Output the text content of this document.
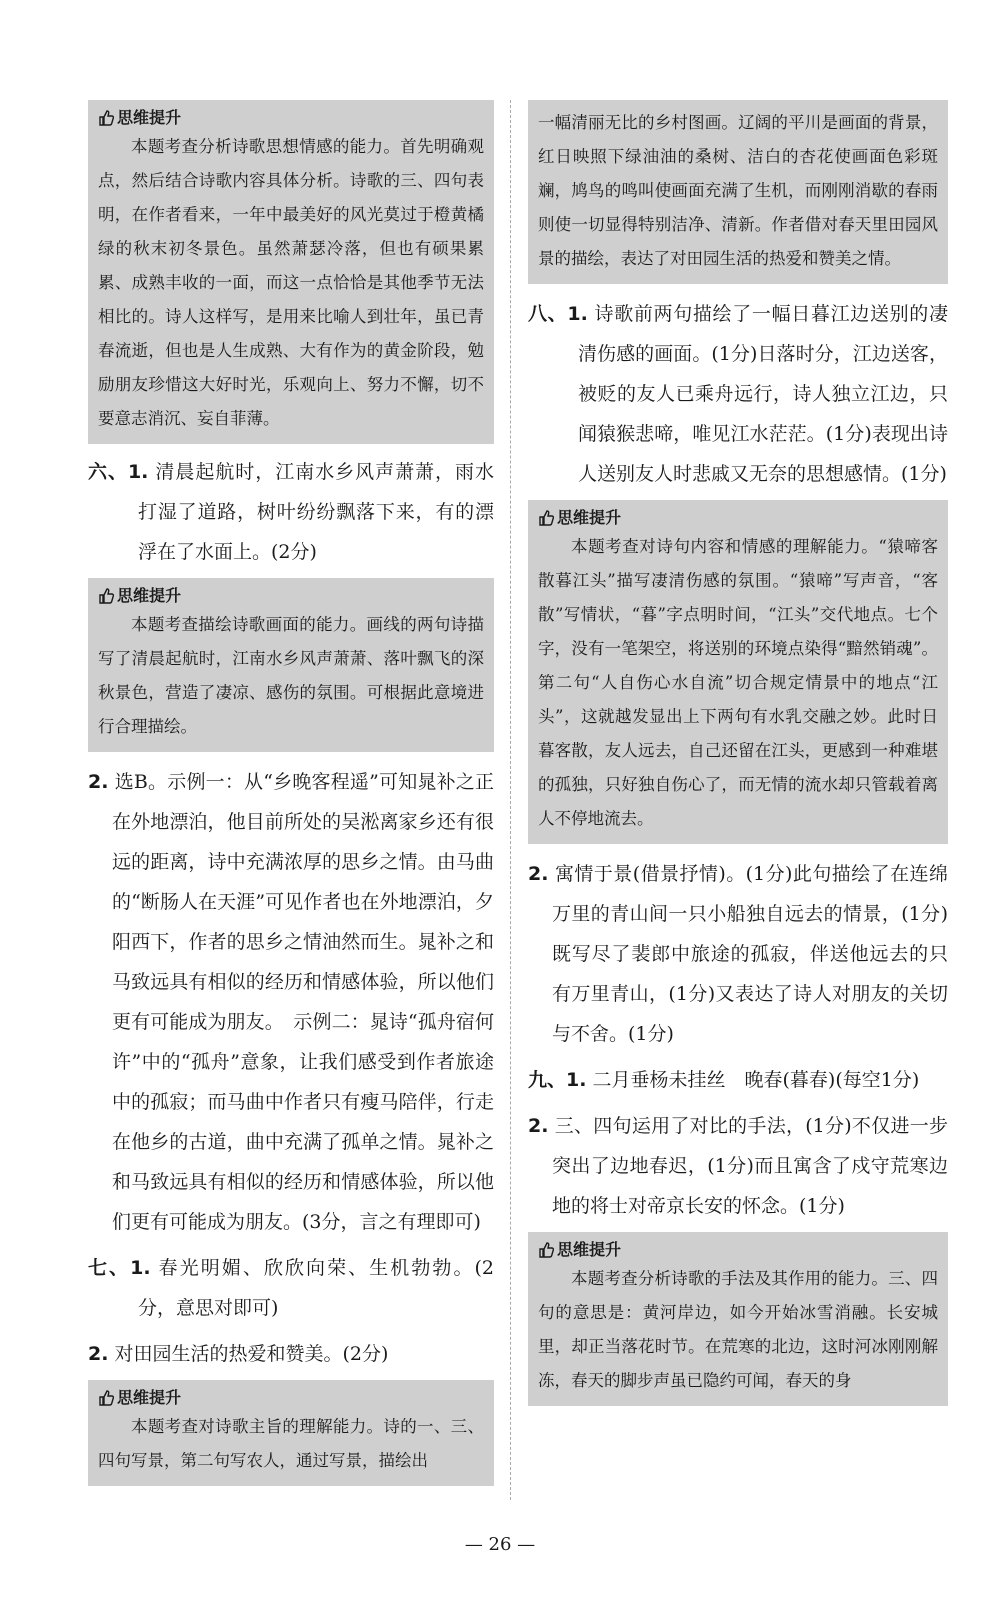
思维提升
本题考查分析诗歌思想情感的能力。首先明确观点，然后结合诗歌内容具体分析。诗歌的三、四句表明，在作者看来，一年中最美好的风光莫过于橙黄橘绿的秋末初冬景色。虽然萧瑟冷落，但也有硕果累累、成熟丰收的一面，而这一点恰恰是其他季节无法相比的。诗人这样写，是用来比喻人到壮年，虽已青春流逝，但也是人生成熟、大有作为的黄金阶段，勉励朋友珍惜这大好时光，乐观向上、努力不懈，切不要意志消沉、妄自菲薄。
六、1. 清晨起航时，江南水乡风声萧萧，雨水打湿了道路，树叶纷纷飘落下来，有的漂浮在了水面上。(2分)
思维提升
本题考查描绘诗歌画面的能力。画线的两句诗描写了清晨起航时，江南水乡风声萧萧、落叶飘飞的深秋景色，营造了凄凉、感伤的氛围。可根据此意境进行合理描绘。
2. 选B。示例一：从“乡晚客程遥”可知晁补之正在外地漂泊，他目前所处的吴淞离家乡还有很远的距离，诗中充满浓厚的思乡之情。由马曲的“断肠人在天涯”可见作者也在外地漂泊，夕阳西下，作者的思乡之情油然而生。晁补之和马致远具有相似的经历和情感体验，所以他们更有可能成为朋友。　示例二：晁诗“孤舟宿何许”中的“孤舟”意象，让我们感受到作者旅途中的孤寂；而马曲中作者只有瘦马陪伴，行走在他乡的古道，曲中充满了孤单之情。晁补之和马致远具有相似的经历和情感体验，所以他们更有可能成为朋友。(3分，言之有理即可)
七、1. 春光明媚、欣欣向荣、生机勃勃。(2分，意思对即可)
2. 对田园生活的热爱和赞美。(2分)
思维提升
本题考查对诗歌主旨的理解能力。诗的一、三、四句写景，第二句写农人，通过写景，描绘出
一幅清丽无比的乡村图画。辽阔的平川是画面的背景，红日映照下绿油油的桑树、洁白的杏花使画面色彩斑斓，鸠鸟的鸣叫使画面充满了生机，而刚刚消歇的春雨则使一切显得特别洁净、清新。作者借对春天里田园风景的描绘，表达了对田园生活的热爱和赞美之情。
八、1. 诗歌前两句描绘了一幅日暮江边送别的凄清伤感的画面。(1分)日落时分，江边送客，被贬的友人已乘舟远行，诗人独立江边，只闻猿猴悲啼，唯见江水茫茫。(1分)表现出诗人送别友人时悲戚又无奈的思想感情。(1分)
思维提升
本题考查对诗句内容和情感的理解能力。“猿啼客散暮江头”描写凄清伤感的氛围。“猿啼”写声音，“客散”写情状，“暮”字点明时间，“江头”交代地点。七个字，没有一笔架空，将送别的环境点染得“黯然销魂”。第二句“人自伤心水自流”切合规定情景中的地点“江头”，这就越发显出上下两句有水乳交融之妙。此时日暮客散，友人远去，自己还留在江头，更感到一种难堪的孤独，只好独自伤心了，而无情的流水却只管载着离人不停地流去。
2. 寓情于景(借景抒情)。(1分)此句描绘了在连绵万里的青山间一只小船独自远去的情景，(1分)既写尽了裴郎中旅途的孤寂，伴送他远去的只有万里青山，(1分)又表达了诗人对朋友的关切与不舍。(1分)
九、1. 二月垂杨未挂丝　晚春(暮春)(每空1分)
2. 三、四句运用了对比的手法，(1分)不仅进一步突出了边地春迟，(1分)而且寓含了戍守荒寒边地的将士对帝京长安的怀念。(1分)
思维提升
本题考查分析诗歌的手法及其作用的能力。三、四句的意思是：黄河岸边，如今开始冰雪消融。长安城里，却正当落花时节。在荒寒的北边，这时河冰刚刚解冻，春天的脚步声虽已隐约可闻，春天的身
— 26 —
